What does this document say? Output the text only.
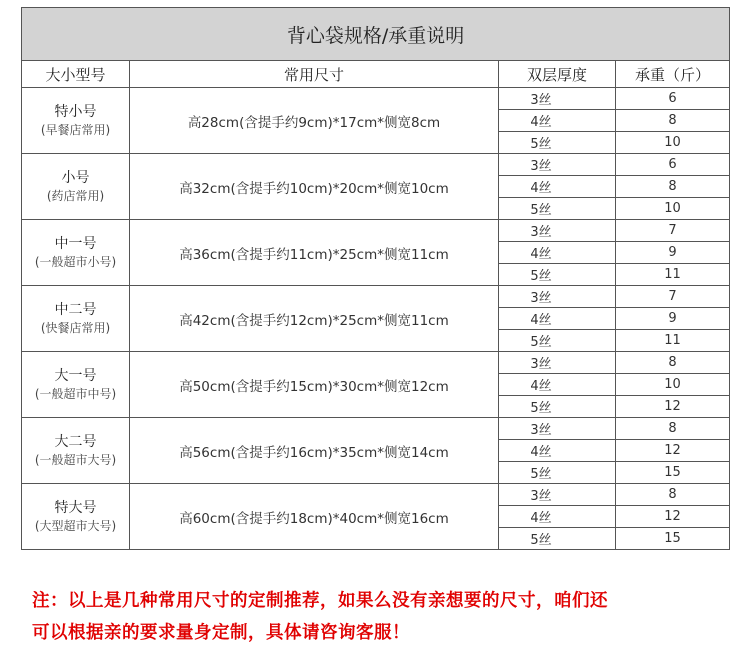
背心袋规格/承重说明			
大小型号	常用尺寸	双层厚度	承重（斤）

特小号
(早餐店常用)	高28cm(含提手约9cm)*17cm*侧宽8cm	3丝	6
		4丝	8
		5丝	10

小号
(药店常用)	高32cm(含提手约10cm)*20cm*侧宽10cm	3丝	6
		4丝	8
		5丝	10

中一号
(一般超市小号)	高36cm(含提手约11cm)*25cm*侧宽11cm	3丝	7
		4丝	9
		5丝	11

中二号
(快餐店常用)	高42cm(含提手约12cm)*25cm*侧宽11cm	3丝	7
		4丝	9
		5丝	11

大一号
(一般超市中号)	高50cm(含提手约15cm)*30cm*侧宽12cm	3丝	8
		4丝	10
		5丝	12

大二号
(一般超市大号)	高56cm(含提手约16cm)*35cm*侧宽14cm	3丝	8
		4丝	12
		5丝	15

特大号
(大型超市大号)	高60cm(含提手约18cm)*40cm*侧宽16cm	3丝	8
		4丝	12
		5丝	15
注：以上是几种常用尺寸的定制推荐，如果么没有亲想要的尺寸，咱们还
可以根据亲的要求量身定制，具体请咨询客服！
